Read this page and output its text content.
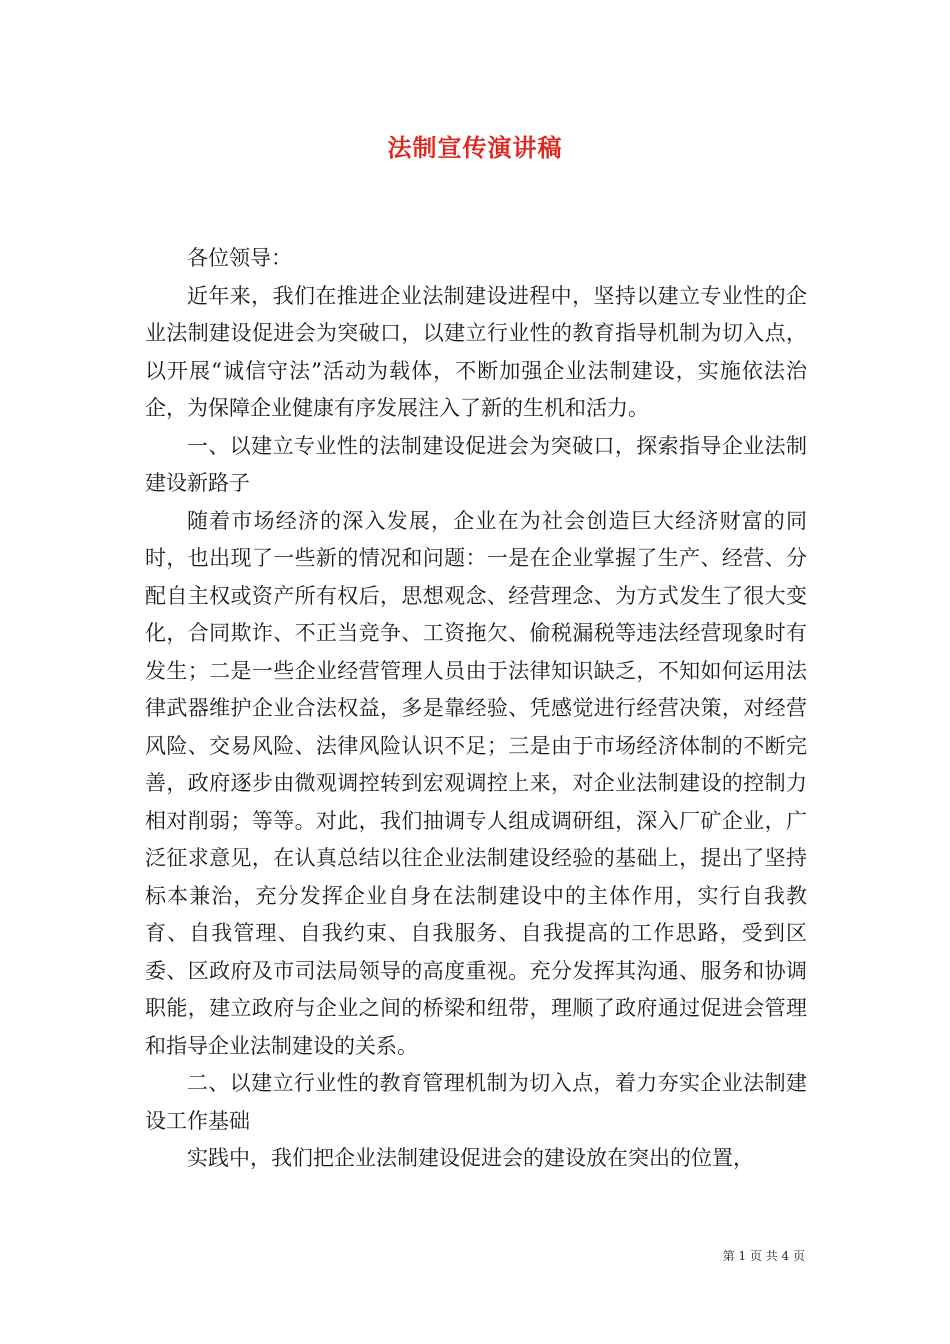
法制宣传演讲稿

各位领导：

近年来，我们在推进企业法制建设进程中，坚持以建立专业性的企业法制建设促进会为突破口，以建立行业性的教育指导机制为切入点，以开展“诚信守法”活动为载体，不断加强企业法制建设，实施依法治企，为保障企业健康有序发展注入了新的生机和活力。

一、以建立专业性的法制建设促进会为突破口，探索指导企业法制建设新路子

随着市场经济的深入发展，企业在为社会创造巨大经济财富的同时，也出现了一些新的情况和问题：一是在企业掌握了生产、经营、分配自主权或资产所有权后，思想观念、经营理念、为方式发生了很大变化，合同欺诈、不正当竞争、工资拖欠、偷税漏税等违法经营现象时有发生；二是一些企业经营管理人员由于法律知识缺乏，不知如何运用法律武器维护企业合法权益，多是靠经验、凭感觉进行经营决策，对经营风险、交易风险、法律风险认识不足；三是由于市场经济体制的不断完善，政府逐步由微观调控转到宏观调控上来，对企业法制建设的控制力相对削弱；等等。对此，我们抽调专人组成调研组，深入厂矿企业，广泛征求意见，在认真总结以往企业法制建设经验的基础上，提出了坚持标本兼治，充分发挥企业自身在法制建设中的主体作用，实行自我教育、自我管理、自我约束、自我服务、自我提高的工作思路，受到区委、区政府及市司法局领导的高度重视。充分发挥其沟通、服务和协调职能，建立政府与企业之间的桥梁和纽带，理顺了政府通过促进会管理和指导企业法制建设的关系。

二、以建立行业性的教育管理机制为切入点，着力夯实企业法制建设工作基础

实践中，我们把企业法制建设促进会的建设放在突出的位置，

第 1 页 共 4 页
